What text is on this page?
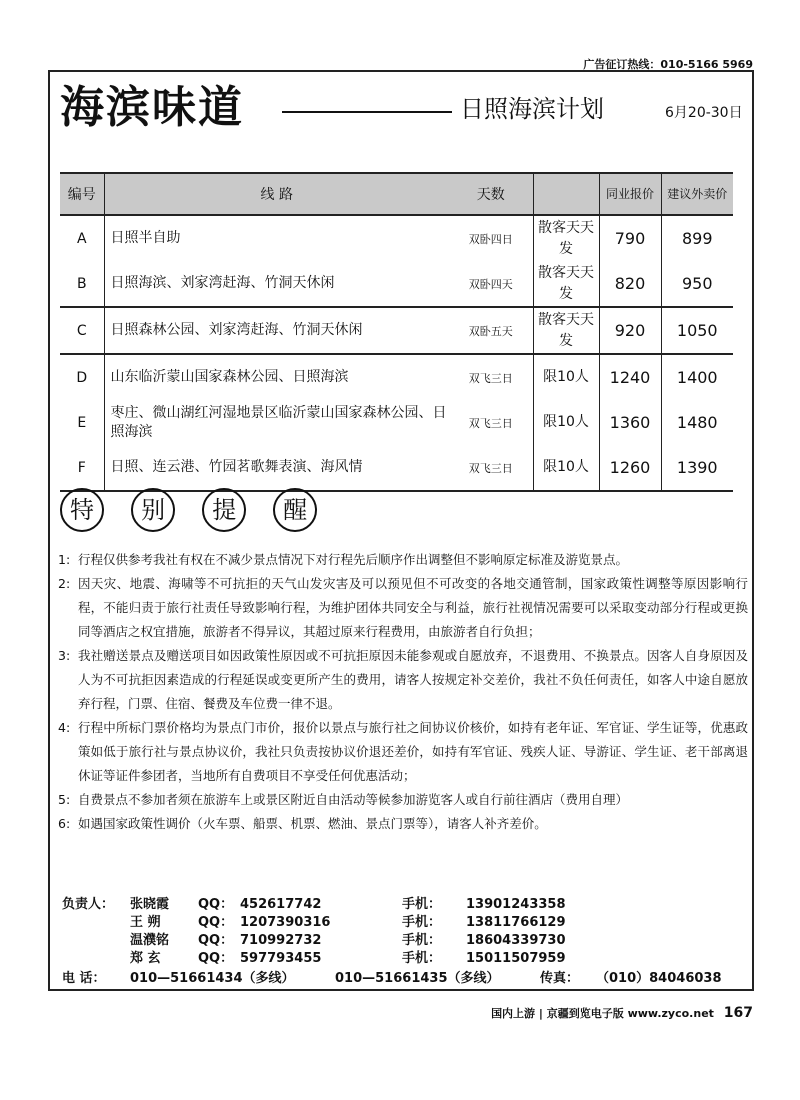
广告征订热线：010-5166 5969
海滨味道	日照海滨计划	6月20-30日
编号	线 路	天数		同业报价	建议外卖价
A	日照半自助	双卧四日	散客天天发	790	899
B	日照海滨、刘家湾赶海、竹洞天休闲	双卧四天	散客天天发	820	950
C	日照森林公园、刘家湾赶海、竹洞天休闲	双卧五天	散客天天发	920	1050
D	山东临沂蒙山国家森林公园、日照海滨	双飞三日	限10人	1240	1400
E	枣庄、微山湖红河湿地景区临沂蒙山国家森林公园、日照海滨	双飞三日	限10人	1360	1480
F	日照、连云港、竹园茗歌舞表演、海风情	双飞三日	限10人	1260	1390
特 别 提 醒
1: 行程仅供参考我社有权在不减少景点情况下对行程先后顺序作出调整但不影响原定标准及游览景点。
2: 因天灾、地震、海啸等不可抗拒的天气山发灾害及可以预见但不可改变的各地交通管制，国家政策性调整等原因影响行程，不能归责于旅行社责任导致影响行程，为维护团体共同安全与利益，旅行社视情况需要可以采取变动部分行程或更换同等酒店之权宜措施，旅游者不得异议，其超过原来行程费用，由旅游者自行负担；
3: 我社赠送景点及赠送项目如因政策性原因或不可抗拒原因未能参观或自愿放弃，不退费用、不换景点。因客人自身原因及人为不可抗拒因素造成的行程延误或变更所产生的费用，请客人按规定补交差价，我社不负任何责任，如客人中途自愿放弃行程，门票、住宿、餐费及车位费一律不退。
4: 行程中所标门票价格均为景点门市价，报价以景点与旅行社之间协议价核价，如持有老年证、军官证、学生证等，优惠政策如低于旅行社与景点协议价，我社只负责按协议价退还差价，如持有军官证、残疾人证、导游证、学生证、老干部离退休证等证件参团者，当地所有自费项目不享受任何优惠活动；
5: 自费景点不参加者须在旅游车上或景区附近自由活动等候参加游览客人或自行前往酒店（费用自理）
6: 如遇国家政策性调价（火车票、船票、机票、燃油、景点门票等），请客人补齐差价。
负责人：	张晓霞	QQ： 452617742	手机：	13901243358
王 朔	QQ： 1207390316	手机：	13811766129
温濮铭	QQ： 710992732	手机：	18604339730
郑 玄	QQ： 597793455	手机：	15011507959
电 话：	010—51661434（多线）	010—51661435（多线）	传真：	（010）84046038
国内上游 | 京疆到览电子版 www.zyco.net 167
